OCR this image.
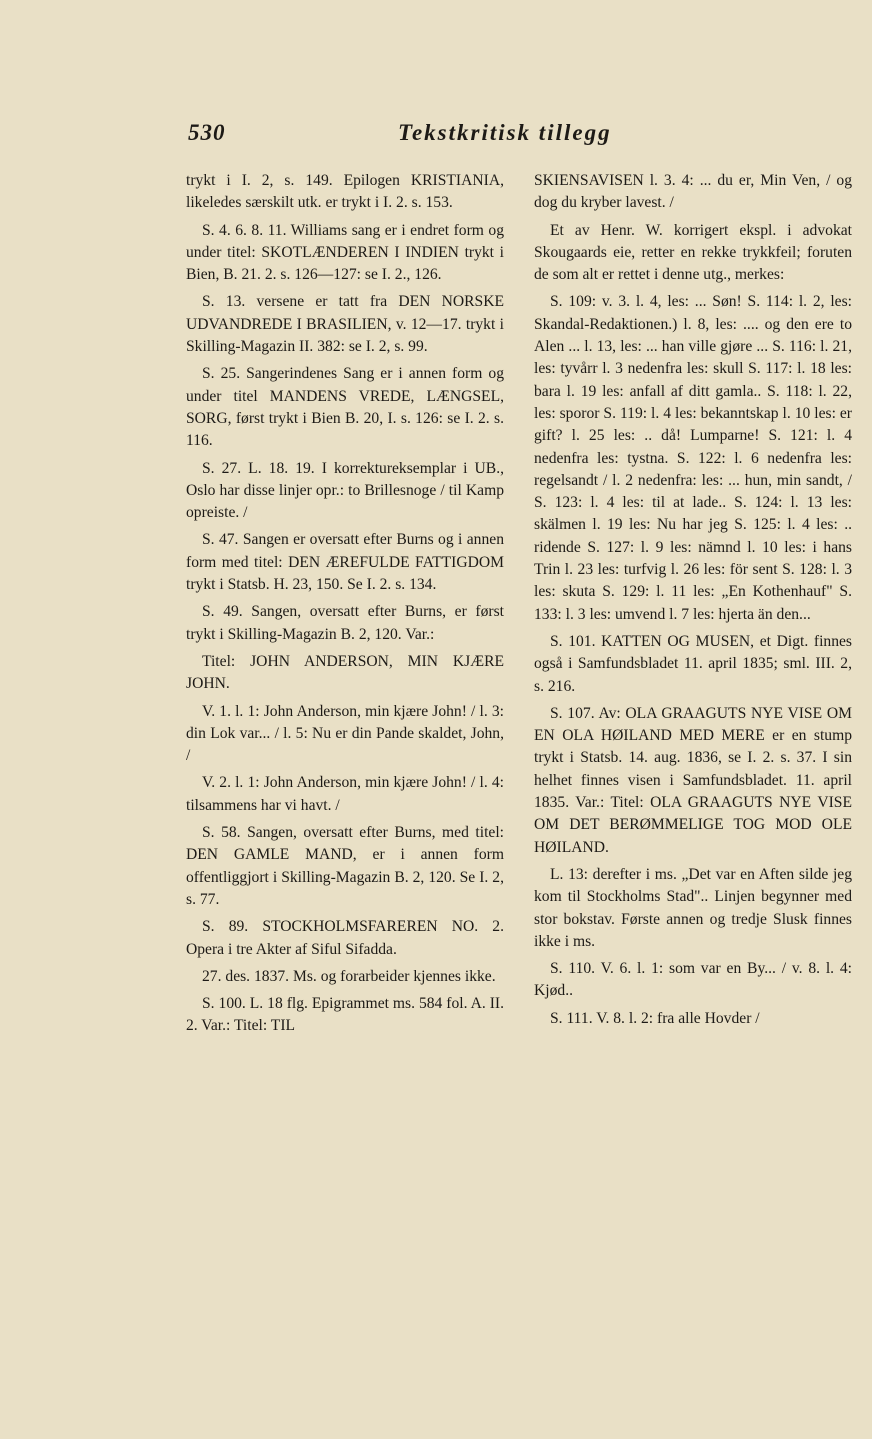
530	Tekstkritisk tillegg

trykt i I. 2, s. 149. Epilogen KRISTIANIA, likeledes særskilt utk. er trykt i I. 2. s. 153.

S. 4. 6. 8. 11. Williams sang er i endret form og under titel: SKOTLÆNDEREN I INDIEN trykt i Bien, B. 21. 2. s. 126—127: se I. 2., 126.

S. 13. versene er tatt fra DEN NORSKE UDVANDREDE I BRASILIEN, v. 12—17. trykt i Skilling-Magazin II. 382: se I. 2, s. 99.

S. 25. Sangerindenes Sang er i annen form og under titel MANDENS VREDE, LÆNGSEL, SORG, først trykt i Bien B. 20, I. s. 126: se I. 2. s. 116.

S. 27. L. 18. 19. I korrektureksemplar i UB., Oslo har disse linjer opr.: to Brillesnoge / til Kamp opreiste. /

S. 47. Sangen er oversatt efter Burns og i annen form med titel: DEN ÆREFULDE FATTIGDOM trykt i Statsb. H. 23, 150. Se I. 2. s. 134.

S. 49. Sangen, oversatt efter Burns, er først trykt i Skilling-Magazin B. 2, 120. Var.:

Titel: JOHN ANDERSON, MIN KJÆRE JOHN.

V. 1. l. 1: John Anderson, min kjære John! / l. 3: din Lok var... / l. 5: Nu er din Pande skaldet, John, /

V. 2. l. 1: John Anderson, min kjære John! / l. 4: tilsammens har vi havt. /

S. 58. Sangen, oversatt efter Burns, med titel: DEN GAMLE MAND, er i annen form offentliggjort i Skilling-Magazin B. 2, 120. Se I. 2, s. 77.

S. 89. STOCKHOLMSFAREREN NO. 2. Opera i tre Akter af Siful Sifadda.

27. des. 1837. Ms. og forarbeider kjennes ikke.

S. 100. L. 18 flg. Epigrammet ms. 584 fol. A. II. 2. Var.: Titel: TIL

SKIENSAVISEN l. 3. 4: ... du er, Min Ven, / og dog du kryber lavest. /

Et av Henr. W. korrigert ekspl. i advokat Skougaards eie, retter en rekke trykkfeil; foruten de som alt er rettet i denne utg., merkes:

S. 109: v. 3. l. 4, les: ... Søn! S. 114: l. 2, les: Skandal-Redaktionen.) l. 8, les: .... og den ere to Alen ... l. 13, les: ... han ville gjøre ... S. 116: l. 21, les: tyvårr l. 3 nedenfra les: skull S. 117: l. 18 les: bara l. 19 les: anfall af ditt gamla.. S. 118: l. 22, les: sporor S. 119: l. 4 les: bekanntskap l. 10 les: er gift? l. 25 les: .. då! Lumparne! S. 121: l. 4 nedenfra les: tystna. S. 122: l. 6 nedenfra les: regelsandt / l. 2 nedenfra: les: ... hun, min sandt, / S. 123: l. 4 les: til at lade.. S. 124: l. 13 les: skälmen l. 19 les: Nu har jeg S. 125: l. 4 les: .. ridende S. 127: l. 9 les: nämnd l. 10 les: i hans Trin l. 23 les: turfvig l. 26 les: för sent S. 128: l. 3 les: skuta S. 129: l. 11 les: „En Kothenhauf" S. 133: l. 3 les: umvend l. 7 les: hjerta än den...

S. 101. KATTEN OG MUSEN, et Digt. finnes også i Samfundsbladet 11. april 1835; sml. III. 2, s. 216.

S. 107. Av: OLA GRAAGUTS NYE VISE OM EN OLA HØILAND MED MERE er en stump trykt i Statsb. 14. aug. 1836, se I. 2. s. 37. I sin helhet finnes visen i Samfundsbladet. 11. april 1835. Var.: Titel: OLA GRAAGUTS NYE VISE OM DET BERØMMELIGE TOG MOD OLE HØILAND.

L. 13: derefter i ms. „Det var en Aften silde jeg kom til Stockholms Stad".. Linjen begynner med stor bokstav. Første annen og tredje Slusk finnes ikke i ms.

S. 110. V. 6. l. 1: som var en By... / v. 8. l. 4: Kjød..

S. 111. V. 8. l. 2: fra alle Hovder /
